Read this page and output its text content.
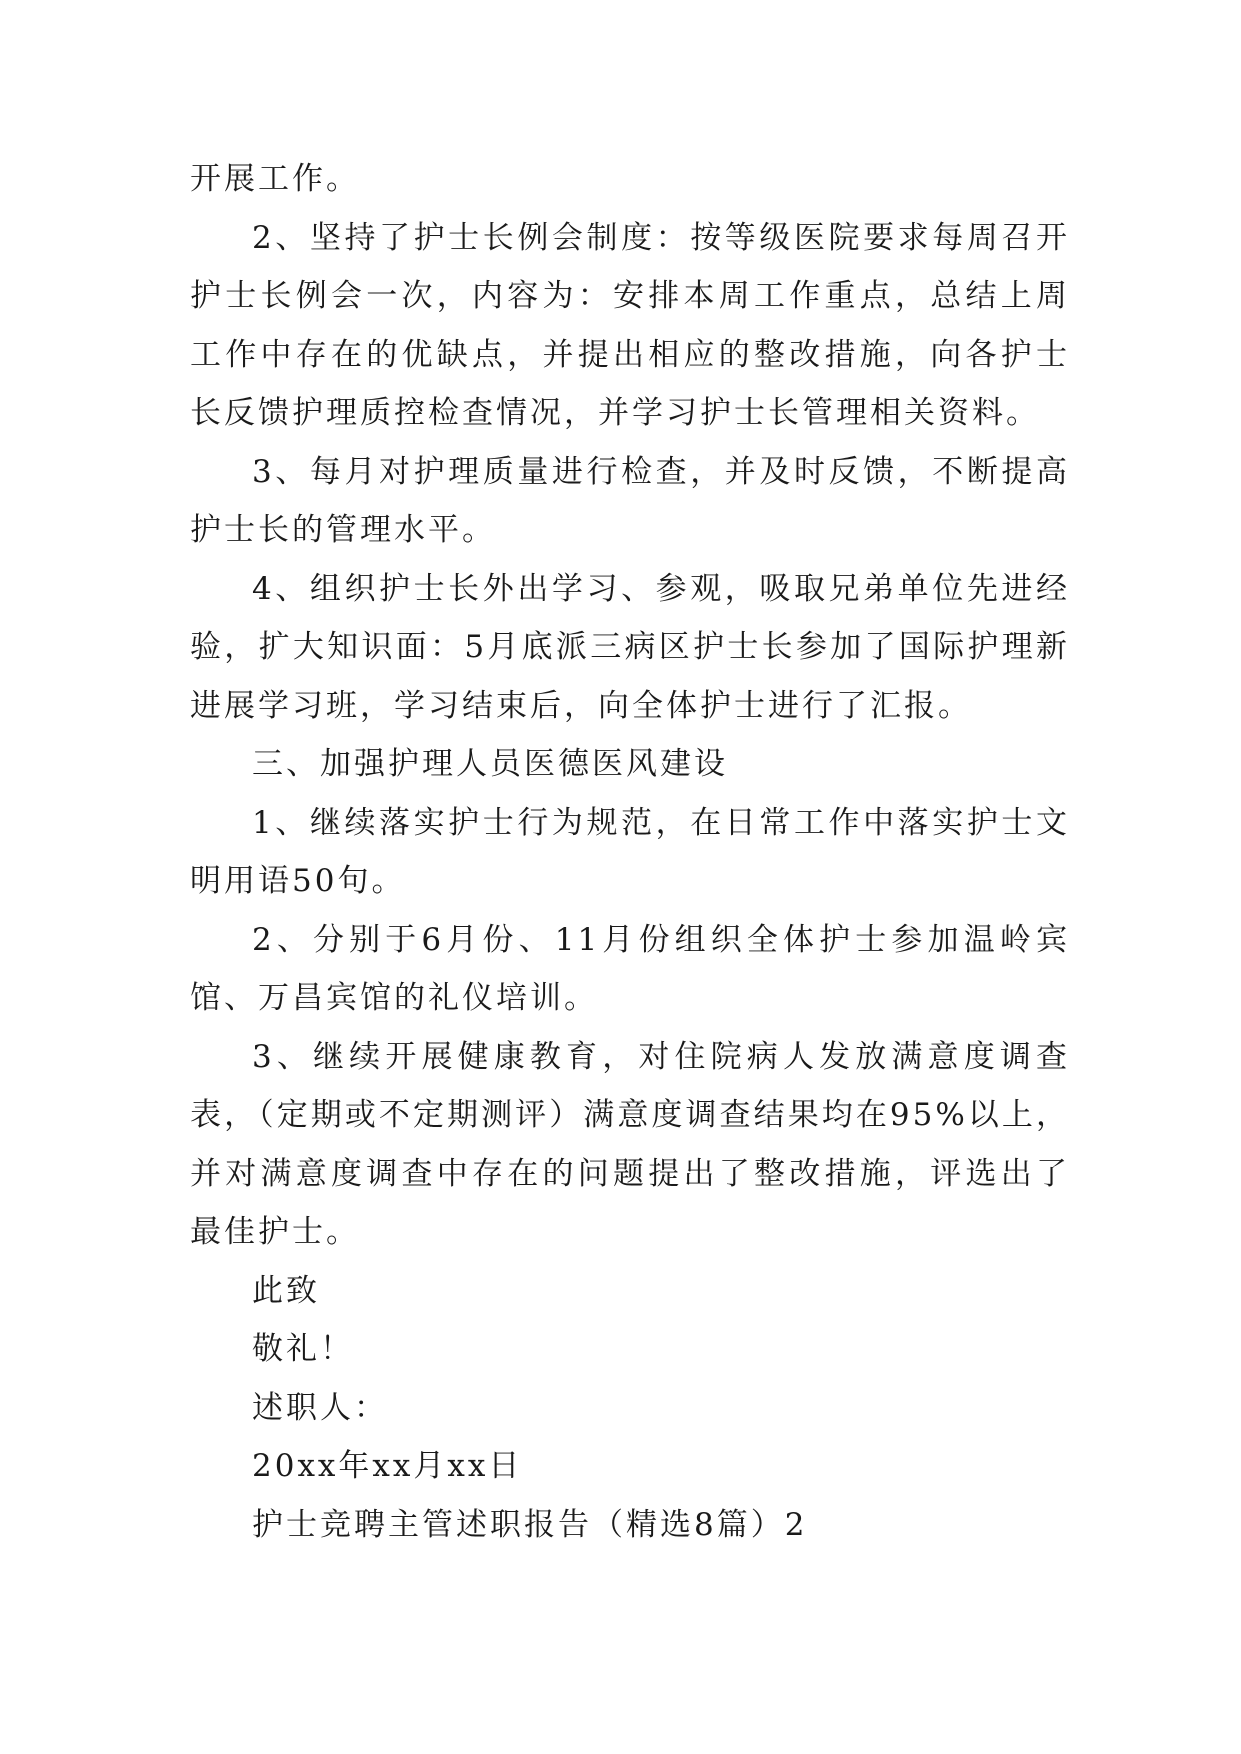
开展工作。

2、坚持了护士长例会制度：按等级医院要求每周召开护士长例会一次，内容为：安排本周工作重点，总结上周工作中存在的优缺点，并提出相应的整改措施，向各护士长反馈护理质控检查情况，并学习护士长管理相关资料。

3、每月对护理质量进行检查，并及时反馈，不断提高护士长的管理水平。

4、组织护士长外出学习、参观，吸取兄弟单位先进经验，扩大知识面：5月底派三病区护士长参加了国际护理新进展学习班，学习结束后，向全体护士进行了汇报。

三、加强护理人员医德医风建设

1、继续落实护士行为规范，在日常工作中落实护士文明用语50句。

2、分别于6月份、11月份组织全体护士参加温岭宾馆、万昌宾馆的礼仪培训。

3、继续开展健康教育，对住院病人发放满意度调查表，（定期或不定期测评）满意度调查结果均在95%以上，并对满意度调查中存在的问题提出了整改措施，评选出了最佳护士。

此致

敬礼！

述职人：

20xx年xx月xx日

护士竞聘主管述职报告（精选8篇）2
